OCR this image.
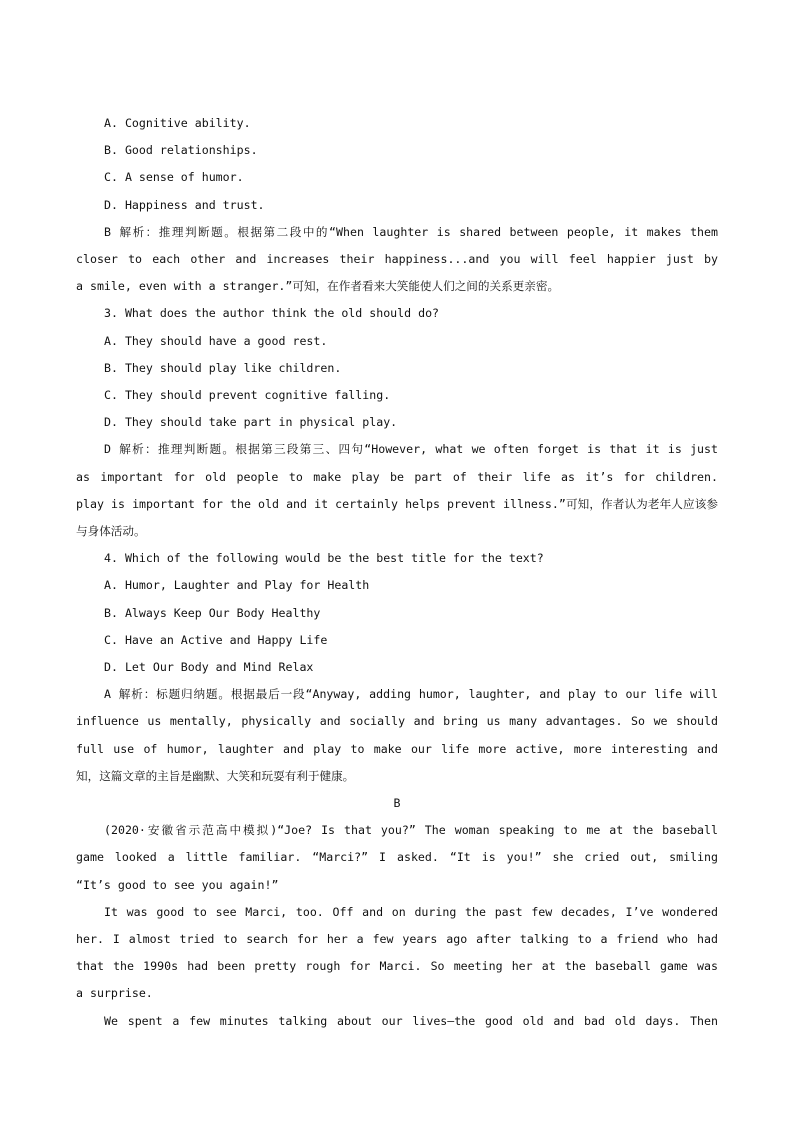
A. Cognitive ability.
B. Good relationships.
C. A sense of humor.
D. Happiness and trust.
B 解析：推理判断题。根据第二段中的“When laughter is shared between people, it makes them
closer to each other and increases their happiness...and you will feel happier just by
a smile, even with a stranger.”可知，在作者看来大笑能使人们之间的关系更亲密。
3. What does the author think the old should do?
A. They should have a good rest.
B. They should play like children.
C. They should prevent cognitive falling.
D. They should take part in physical play.
D 解析：推理判断题。根据第三段第三、四句“However, what we often forget is that it is just
as important for old people to make play be part of their life as it’s for children.
play is important for the old and it certainly helps prevent illness.”可知，作者认为老年人应该参
与身体活动。
4. Which of the following would be the best title for the text?
A. Humor, Laughter and Play for Health
B. Always Keep Our Body Healthy
C. Have an Active and Happy Life
D. Let Our Body and Mind Relax
A 解析：标题归纳题。根据最后一段“Anyway, adding humor, laughter, and play to our life will
influence us mentally, physically and socially and bring us many advantages. So we should
full use of humor, laughter and play to make our life more active, more interesting and
知，这篇文章的主旨是幽默、大笑和玩耍有利于健康。
B
(2020·安徽省示范高中模拟)“Joe? Is that you?” The woman speaking to me at the baseball
game looked a little familiar. “Marci?” I asked. “It is you!” she cried out, smiling
“It’s good to see you again!”
It was good to see Marci, too. Off and on during the past few decades, I’ve wondered
her. I almost tried to search for her a few years ago after talking to a friend who had
that the 1990s had been pretty rough for Marci. So meeting her at the baseball game was
a surprise.
We spent a few minutes talking about our lives—the good old and bad old days. Then
